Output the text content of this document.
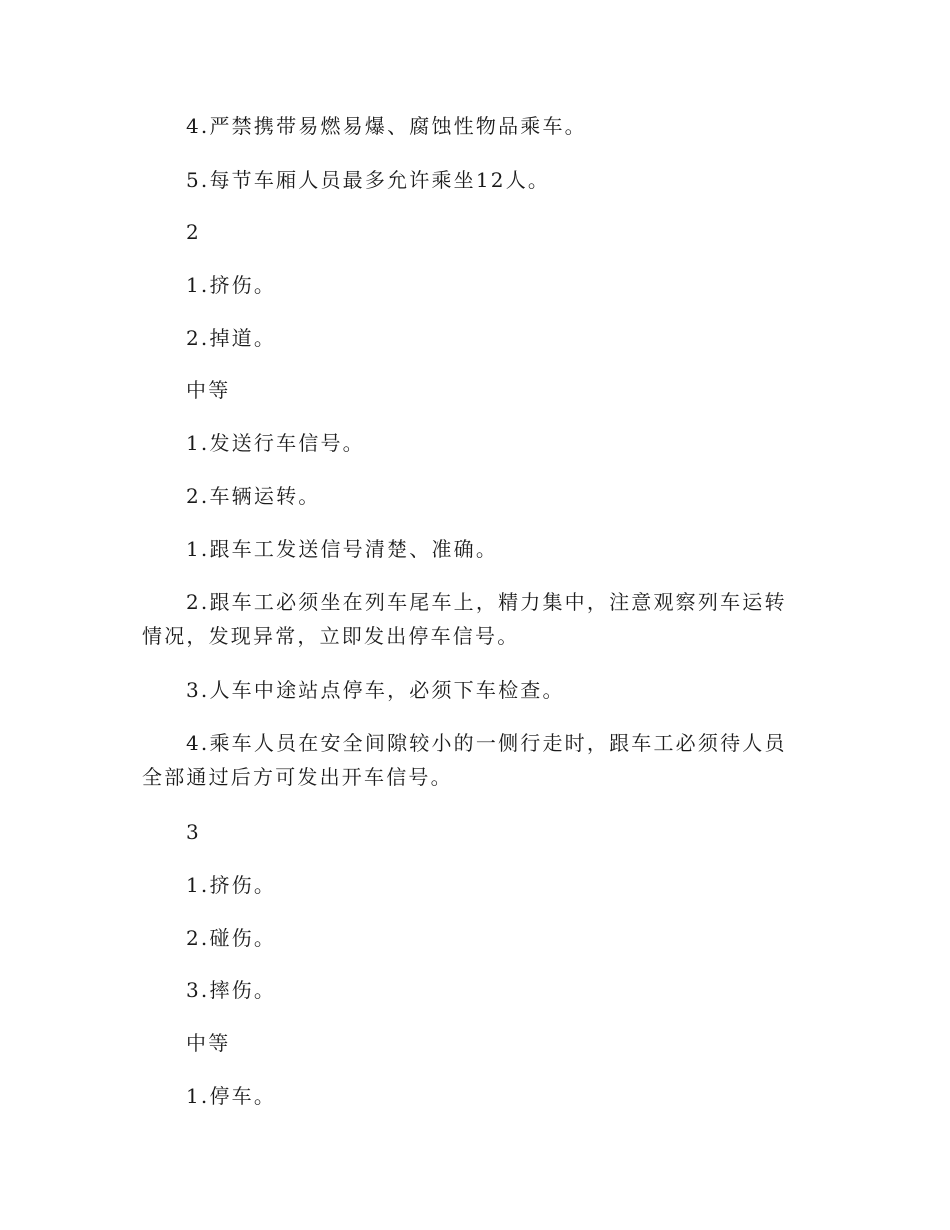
4.严禁携带易燃易爆、腐蚀性物品乘车。

5.每节车厢人员最多允许乘坐12人。

2

1.挤伤。

2.掉道。

中等

1.发送行车信号。

2.车辆运转。

1.跟车工发送信号清楚、准确。

2.跟车工必须坐在列车尾车上，精力集中，注意观察列车运转情况，发现异常，立即发出停车信号。

3.人车中途站点停车，必须下车检查。

4.乘车人员在安全间隙较小的一侧行走时，跟车工必须待人员全部通过后方可发出开车信号。

3

1.挤伤。

2.碰伤。

3.摔伤。

中等

1.停车。
